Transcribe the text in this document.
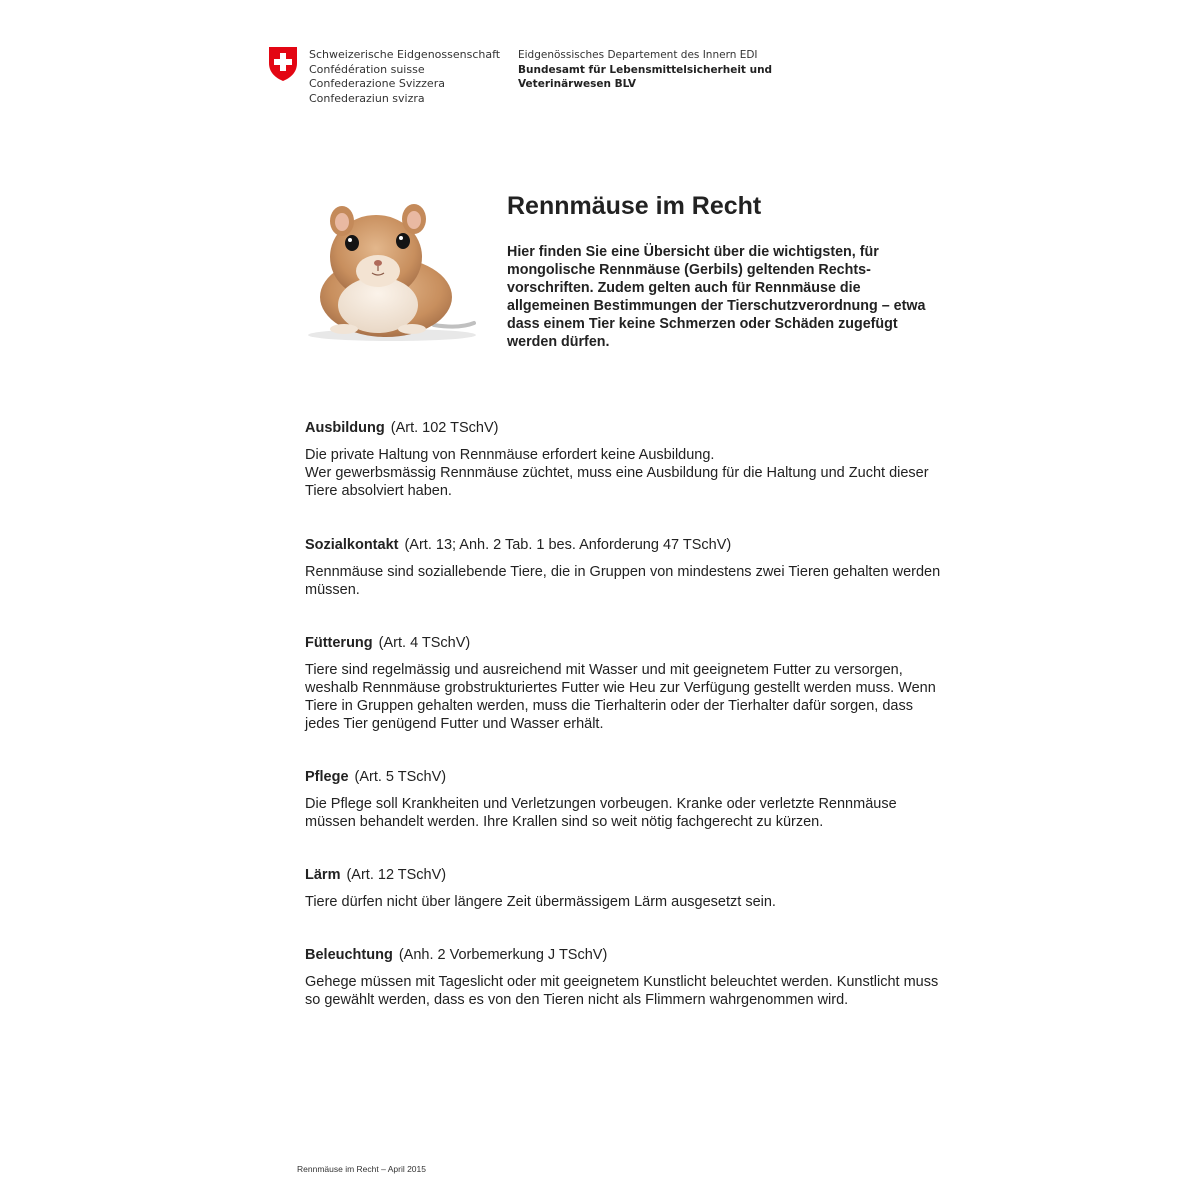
Schweizerische Eidgenossenschaft
Confédération suisse
Confederazione Svizzera
Confederaziun svizra
Eidgenössisches Departement des Innern EDI
Bundesamt für Lebensmittelsicherheit und
Veterinärwesen BLV
Rennmäuse im Recht

Hier finden Sie eine Übersicht über die wichtigsten, für mongolische Rennmäuse (Gerbils) geltenden Rechts-vorschriften. Zudem gelten auch für Rennmäuse die allgemeinen Bestimmungen der Tierschutzverordnung – etwa dass einem Tier keine Schmerzen oder Schäden zugefügt werden dürfen.

Ausbildung (Art. 102 TSchV)

Die private Haltung von Rennmäuse erfordert keine Ausbildung.
Wer gewerbsmässig Rennmäuse züchtet, muss eine Ausbildung für die Haltung und Zucht dieser Tiere absolviert haben.

Sozialkontakt (Art. 13; Anh. 2 Tab. 1 bes. Anforderung 47 TSchV)

Rennmäuse sind soziallebende Tiere, die in Gruppen von mindestens zwei Tieren gehalten werden müssen.

Fütterung (Art. 4 TSchV)

Tiere sind regelmässig und ausreichend mit Wasser und mit geeignetem Futter zu versorgen, weshalb Rennmäuse grobstrukturiertes Futter wie Heu zur Verfügung gestellt werden muss. Wenn Tiere in Gruppen gehalten werden, muss die Tierhalterin oder der Tierhalter dafür sorgen, dass jedes Tier genügend Futter und Wasser erhält.

Pflege (Art. 5 TSchV)

Die Pflege soll Krankheiten und Verletzungen vorbeugen. Kranke oder verletzte Rennmäuse müssen behandelt werden. Ihre Krallen sind so weit nötig fachgerecht zu kürzen.

Lärm (Art. 12 TSchV)

Tiere dürfen nicht über längere Zeit übermässigem Lärm ausgesetzt sein.

Beleuchtung (Anh. 2 Vorbemerkung J TSchV)

Gehege müssen mit Tageslicht oder mit geeignetem Kunstlicht beleuchtet werden. Kunstlicht muss so gewählt werden, dass es von den Tieren nicht als Flimmern wahrgenommen wird.
Rennmäuse im Recht – April 2015
